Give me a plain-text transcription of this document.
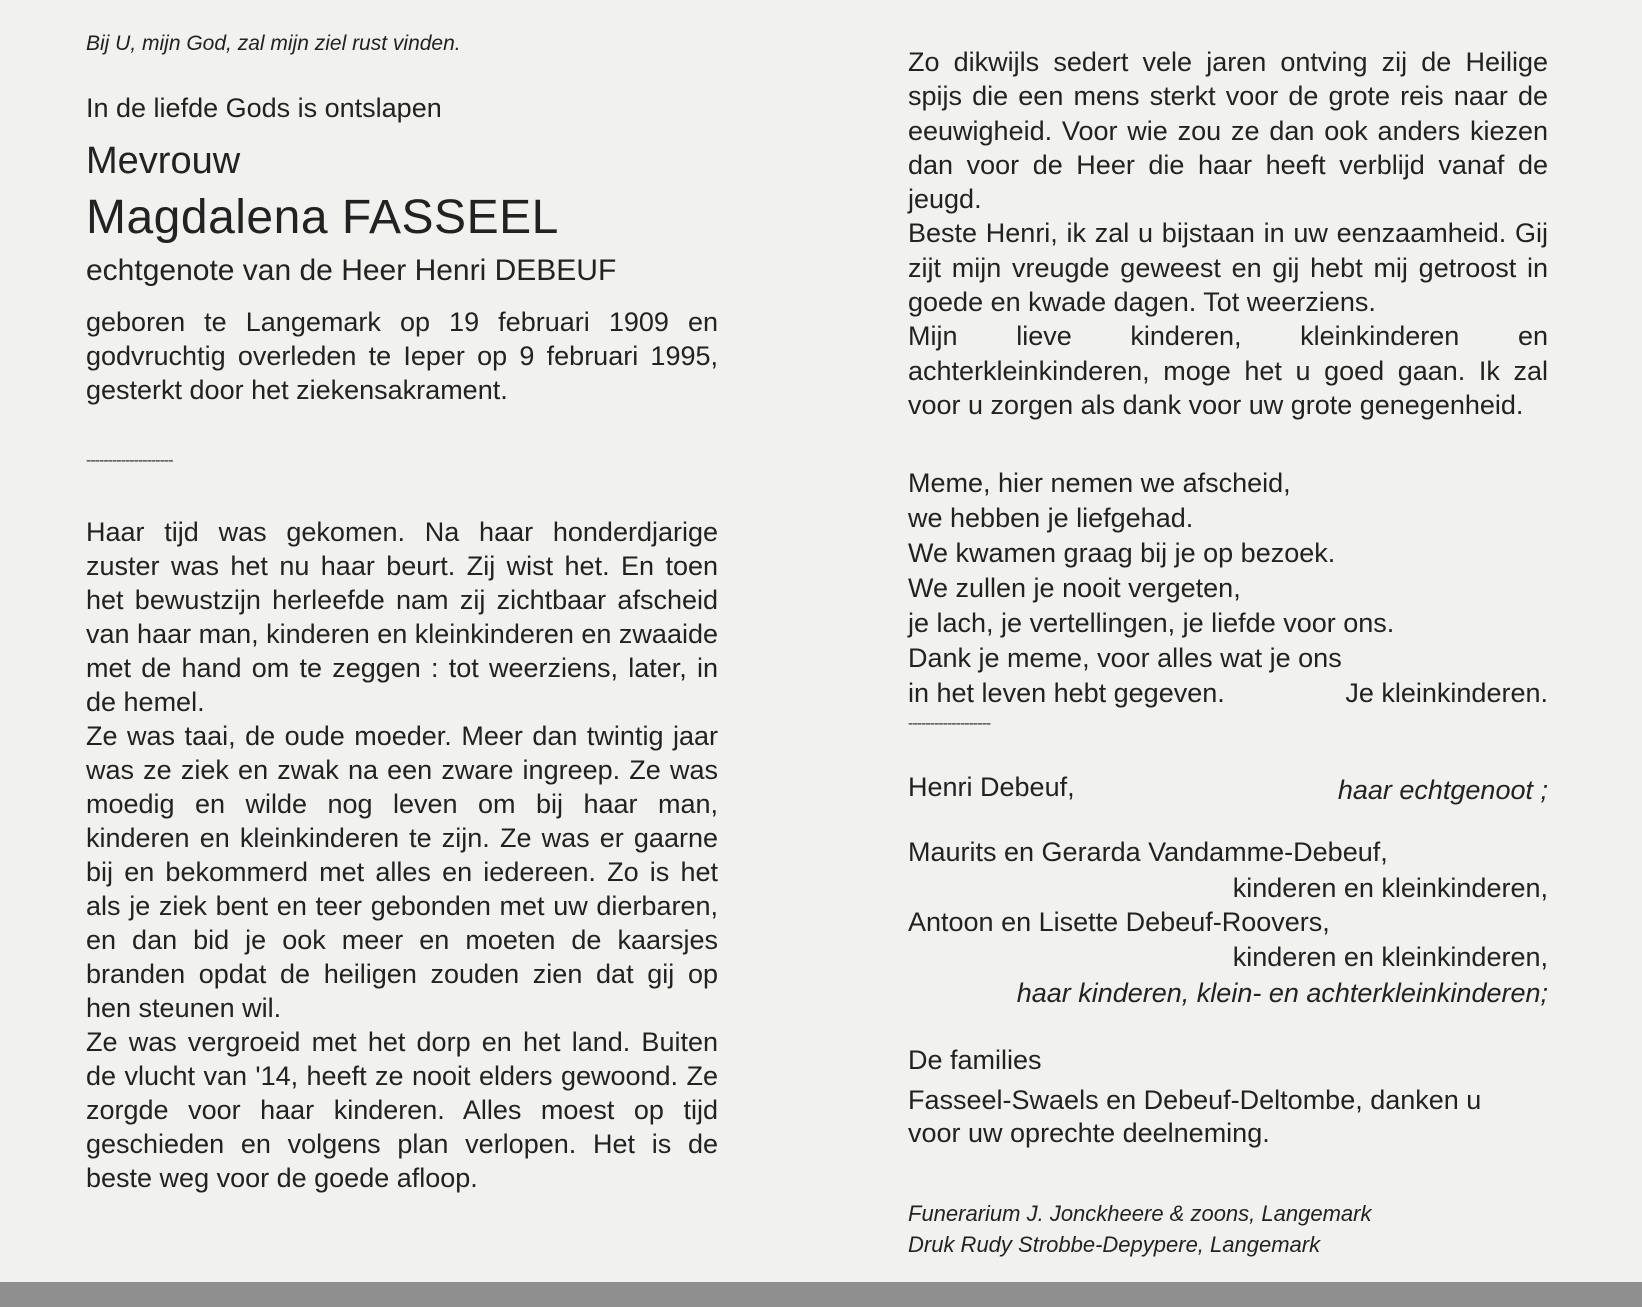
Bij U, mijn God, zal mijn ziel rust vinden.
In de liefde Gods is ontslapen
Mevrouw
Magdalena FASSEEL
echtgenote van de Heer Henri DEBEUF
geboren te Langemark op 19 februari 1909 en godvruchtig overleden te Ieper op 9 februari 1995, gesterkt door het ziekensakrament.
--------------------

Haar tijd was gekomen. Na haar honderdjarige zuster was het nu haar beurt. Zij wist het. En toen het bewustzijn herleefde nam zij zichtbaar afscheid van haar man, kinderen en kleinkinderen en zwaaide met de hand om te zeggen : tot weerziens, later, in de hemel.

Ze was taai, de oude moeder. Meer dan twintig jaar was ze ziek en zwak na een zware ingreep. Ze was moedig en wilde nog leven om bij haar man, kinderen en kleinkinderen te zijn. Ze was er gaarne bij en bekommerd met alles en iedereen. Zo is het als je ziek bent en teer gebonden met uw dierbaren, en dan bid je ook meer en moeten de kaarsjes branden opdat de heiligen zouden zien dat gij op hen steunen wil.

Ze was vergroeid met het dorp en het land. Buiten de vlucht van '14, heeft ze nooit elders gewoond. Ze zorgde voor haar kinderen. Alles moest op tijd geschieden en volgens plan verlopen. Het is de beste weg voor de goede afloop.

Zo dikwijls sedert vele jaren ontving zij de Heilige spijs die een mens sterkt voor de grote reis naar de eeuwigheid. Voor wie zou ze dan ook anders kiezen dan voor de Heer die haar heeft verblijd vanaf de jeugd.
Beste Henri, ik zal u bijstaan in uw eenzaamheid. Gij zijt mijn vreugde geweest en gij hebt mij getroost in goede en kwade dagen. Tot weerziens.
Mijn lieve kinderen, kleinkinderen en achterkleinkinderen, moge het u goed gaan. Ik zal voor u zorgen als dank voor uw grote genegenheid.
Meme, hier nemen we afscheid,
we hebben je liefgehad.
We kwamen graag bij je op bezoek.
We zullen je nooit vergeten,
je lach, je vertellingen, je liefde voor ons.
Dank je meme, voor alles wat je ons
in het leven hebt gegeven.	Je kleinkinderen.
-------------------
Henri Debeuf,	haar echtgenoot ;
Maurits en Gerarda Vandamme-Debeuf,
kinderen en kleinkinderen,
Antoon en Lisette Debeuf-Roovers,
kinderen en kleinkinderen,
haar kinderen, klein- en achterkleinkinderen;
De families
Fasseel-Swaels en Debeuf-Deltombe, danken u
voor uw oprechte deelneming.
Funerarium J. Jonckheere & zoons, Langemark
Druk Rudy Strobbe-Depypere, Langemark
